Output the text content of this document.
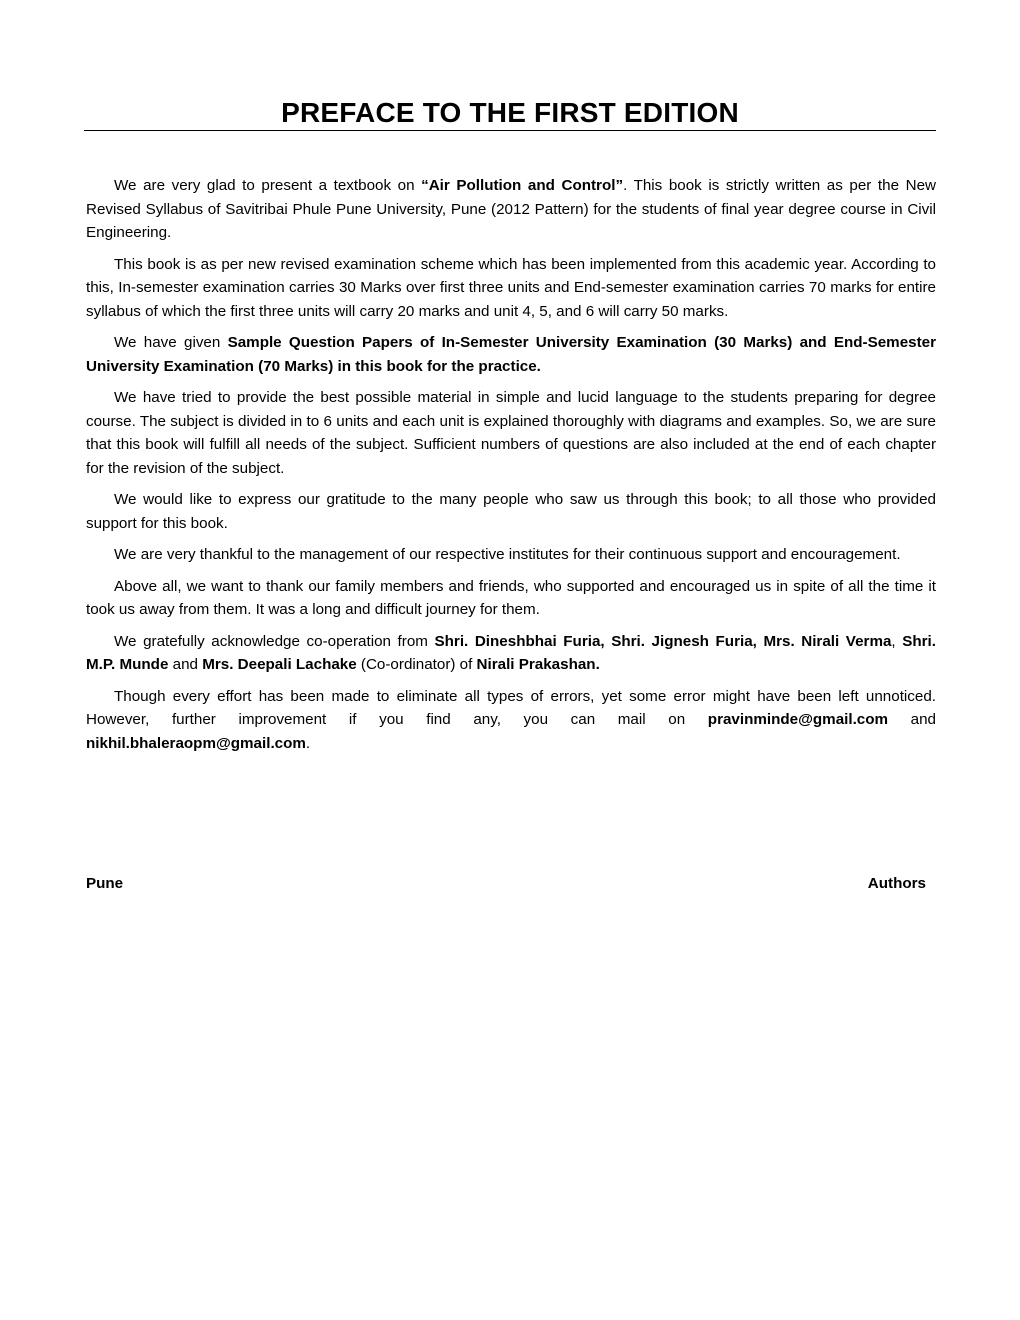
PREFACE TO THE FIRST EDITION

We are very glad to present a textbook on “Air Pollution and Control”. This book is strictly written as per the New Revised Syllabus of Savitribai Phule Pune University, Pune (2012 Pattern) for the students of final year degree course in Civil Engineering.

This book is as per new revised examination scheme which has been implemented from this academic year. According to this, In-semester examination carries 30 Marks over first three units and End-semester examination carries 70 marks for entire syllabus of which the first three units will carry 20 marks and unit 4, 5, and 6 will carry 50 marks.

We have given Sample Question Papers of In-Semester University Examination (30 Marks) and End-Semester University Examination (70 Marks) in this book for the practice.

We have tried to provide the best possible material in simple and lucid language to the students preparing for degree course. The subject is divided in to 6 units and each unit is explained thoroughly with diagrams and examples. So, we are sure that this book will fulfill all needs of the subject. Sufficient numbers of questions are also included at the end of each chapter for the revision of the subject.

We would like to express our gratitude to the many people who saw us through this book; to all those who provided support for this book.

We are very thankful to the management of our respective institutes for their continuous support and encouragement.

Above all, we want to thank our family members and friends, who supported and encouraged us in spite of all the time it took us away from them. It was a long and difficult journey for them.

We gratefully acknowledge co-operation from Shri. Dineshbhai Furia, Shri. Jignesh Furia, Mrs. Nirali Verma, Shri. M.P. Munde and Mrs. Deepali Lachake (Co-ordinator) of Nirali Prakashan.

Though every effort has been made to eliminate all types of errors, yet some error might have been left unnoticed. However, further improvement if you find any, you can mail on pravinminde@gmail.com and nikhil.bhaleraopm@gmail.com.

Pune	Authors
